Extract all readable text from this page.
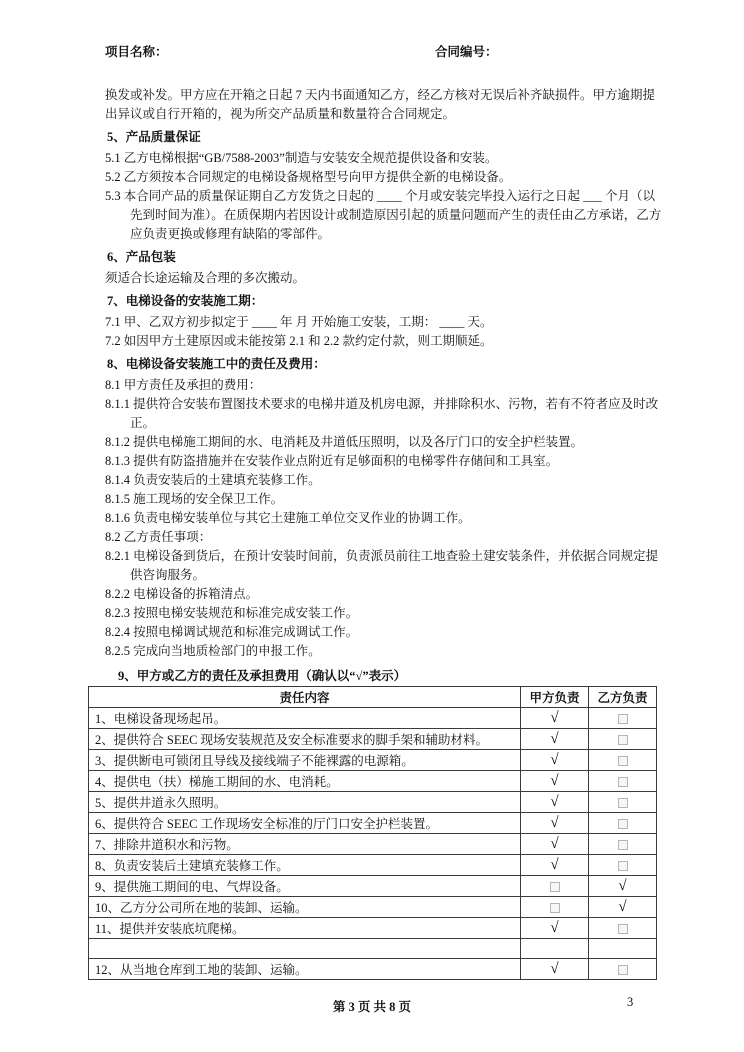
项目名称：	合同编号：

换发或补发。甲方应在开箱之日起 7 天内书面通知乙方，经乙方核对无误后补齐缺损件。甲方逾期提出异议或自行开箱的，视为所交产品质量和数量符合合同规定。

5、产品质量保证

5.1 乙方电梯根据“GB/7588-2003”制造与安装安全规范提供设备和安装。

5.2 乙方须按本合同规定的电梯设备规格型号向甲方提供全新的电梯设备。

5.3 本合同产品的质量保证期自乙方发货之日起的 ____ 个月或安装完毕投入运行之日起 ___ 个月（以先到时间为准）。在质保期内若因设计或制造原因引起的质量问题而产生的责任由乙方承诺，乙方应负责更换或修理有缺陷的零部件。

6、产品包装

须适合长途运输及合理的多次搬动。

7、电梯设备的安装施工期：

7.1 甲、乙双方初步拟定于 ____ 年 月 开始施工安装，工期： ____ 天。

7.2 如因甲方土建原因或未能按第 2.1 和 2.2 款约定付款，则工期顺延。

8、电梯设备安装施工中的责任及费用：

8.1 甲方责任及承担的费用：

8.1.1 提供符合安装布置图技术要求的电梯井道及机房电源，并排除积水、污物，若有不符者应及时改正。

8.1.2 提供电梯施工期间的水、电消耗及井道低压照明，以及各厅门口的安全护栏装置。

8.1.3 提供有防盗措施并在安装作业点附近有足够面积的电梯零件存储间和工具室。

8.1.4 负责安装后的土建填充装修工作。

8.1.5 施工现场的安全保卫工作。

8.1.6 负责电梯安装单位与其它土建施工单位交叉作业的协调工作。

8.2 乙方责任事项：

8.2.1 电梯设备到货后，在预计安装时间前，负责派员前往工地查验土建安装条件，并依据合同规定提供咨询服务。

8.2.2 电梯设备的拆箱清点。

8.2.3 按照电梯安装规范和标准完成安装工作。

8.2.4 按照电梯调试规范和标准完成调试工作。

8.2.5 完成向当地质检部门的申报工作。

9、甲方或乙方的责任及承担费用（确认以“√”表示）

责任内容	甲方负责	乙方负责
1、电梯设备现场起吊。	√	
2、提供符合 SEEC 现场安装规范及安全标准要求的脚手架和辅助材料。	√	
3、提供断电可锁闭且导线及接线端子不能裸露的电源箱。	√	
4、提供电（扶）梯施工期间的水、电消耗。	√	
5、提供井道永久照明。	√	
6、提供符合 SEEC 工作现场安全标准的厅门口安全护栏装置。	√	
7、排除井道积水和污物。	√	
8、负责安装后土建填充装修工作。	√	
9、提供施工期间的电、气焊设备。		√
10、乙方分公司所在地的装卸、运输。		√
11、提供并安装底坑爬梯。	√	

12、从当地仓库到工地的装卸、运输。	√	
第 3 页 共 8 页	3
